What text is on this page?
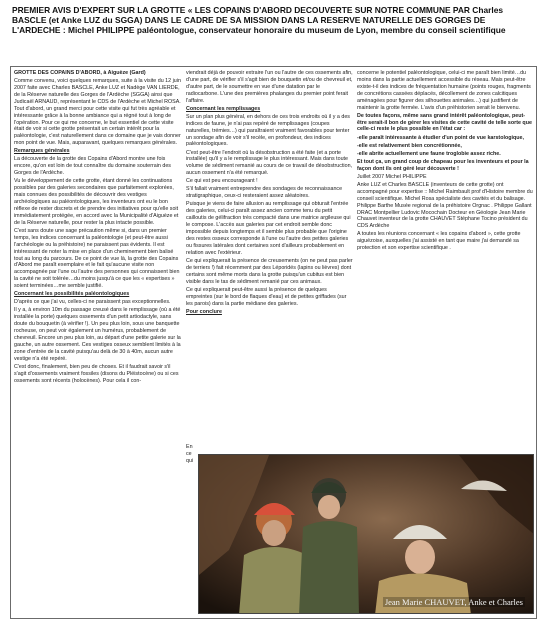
PREMIER AVIS D'EXPERT SUR LA GROTTE « LES COPAINS D'ABORD DECOUVERTE SUR NOTRE COMMUNE PAR Charles BASCLE (et Anke LUZ du SGGA) DANS LE CADRE DE SA MISSION DANS LA RESERVE NATURELLE DES GORGES DE L'ARDECHE : Michel PHILIPPE paléontologue, conservateur honoraire du museum de Lyon, membre du conseil scientifique

GROTTE DES COPAINS D'ABORD, à Aiguèze (Gard)

Comme convenu, voici quelques remarques, suite à la visite du 12 juin 2007 faite avec Charles BASCLE, Anke LUZ et Nadège VAN LIERDE, de la Réserve naturelle des Gorges de l'Ardèche (SGGA) ainsi que Judicaël ARNAUD, représentant le CDS de l'Ardèche et Michel ROSA. Tout d'abord, un grand merci pour cette visite qui fut très agréable et intéressante grâce à la bonne ambiance qui a régné tout à long de l'opération. Pour ce qui me concerne, le but essentiel de cette visite était de voir si cette grotte présentait un certain intérêt pour la paléontologie, c'est naturellement dans ce domaine que je vais donner mon point de vue. Mais, auparavant, quelques remarques générales.

Remarques générales

La découverte de la grotte des Copains d'Abord montre une fois encore, qu'on est loin de tout connaître du domaine souterrain des Gorges de l'Ardèche.

Vu le développement de cette grotte, étant donné les continuations possibles par des galeries secondaires que parfaitement explorées, mais connues des possibilités de découvrir des vestiges archéologiques au paléontologiques, les inventeurs ont eu le bon réflexe de rester discrets et de prendre des initiatives pour qu'elle soit immédiatement protégée, en accord avec la Municipalité d'Aiguèze et de la Réserve naturelle, pour rester la plus intacte possible.

C'est sans doute une sage précaution même si, dans un premier temps, les indices concernant la paléontologie (et peut-être aussi l'archéologie ou la préhistoire) ne paraissent pas évidents. Il est intéressant de noter la mise en place d'un cheminement bien balisé tout au long du parcours. De ce point de vue là, la grotte des Copains d'Abord me paraît exemplaire et le fait qu'aucune visite non accompagnée par l'une ou l'autre des personnes qui connaissent bien la cavité ne soit tolérée…du moins jusqu'à ce que les « expertises » soient terminées…me semble justifié.

Concernant les possibilités paléontologiques

D'après ce que j'ai vu, celles-ci ne paraissent pas exceptionnelles.

Il y a, à environ 10m du passage creusé dans le remplissage (où a été installée la porte) quelques ossements d'un petit artiodactyle, sans doute du bouquetin (à vérifier !). Un peu plus loin, sous une banquette rocheuse, on peut voir également un humérus, probablement de chevreuil. Encore un peu plus loin, au départ d'une petite galerie sur la gauche, un autre ossement. Ces vestiges osseux semblent limités à la zone d'entrée de la cavité puisqu'au delà de 30 à 40m, aucun autre vestige n'a été repéré.

C'est donc, finalement, bien peu de choses. Et il faudrait savoir s'il s'agit d'ossements vraiment fossiles (disons du Pléistocène) ou si ces ossements sont récents (holocènes). Pour cela il con-

viendrait déjà de pouvoir extraire l'un ou l'autre de ces ossements afin, d'une part, de vérifier s'il s'agit bien de bouquetin et/ou de chevreuil et, d'autre part, de le soumettre en vue d'une datation par le radiocarbone. L'une des premières phalanges du premier point ferait l'affaire.

Concernant les remplissages

Sur un plan plus général, en dehors de ces trois endroits où il y a des indices de faune, je n'ai pas repéré de remplissages (coupes naturelles, trémies…) qui paraîtraient vraiment favorables pour tenter un sondage afin de voir s'il recèle, en profondeur, des indices paléontologiques.

C'est peut-être l'endroit où la désobstruction a été faite (et a porte installée) qu'il y a le remplissage le plus intéressant. Mais dans toute volume de sédiment remanié au cours de ce travail de désobstruction, aucun ossement n'a été remarqué.

Ce qui est peu encourageant !

S'il fallait vraiment entreprendre des sondages de reconnaissance stratigraphique, ceux-ci resteraient assez aléatoires.

Puisque je viens de faire allusion au remplissage qui obturait l'entrée des galeries, celui-ci paraît assez ancien comme tenu du petit cailloutis de gélifraction très compacté dans une matrice argileuse qui le compose. L'accès aux galeries par cet endroit semble donc impossible depuis longtemps et il semble plus probable que l'origine des restes osseux corresponde à l'une ou l'autre des petites galeries ou fissures latérales dont certaines sont d'ailleurs probablement en relation avec l'extérieur.

Ce qui expliquerait la présence de creusements (on ne peut pas parler de terriers !) fait récemment par des Léporidés (lapins ou lièvres) dont certains sont même morts dans la grotte puisqu'un cubitus est bien visible dans le tas de sédiment remanié par ces animaux.

Ce qui expliquerait peut-être aussi la présence de quelques empreintes (sur le bord de flaques d'eau) et de petites griffades (sur les parois) dans la partie médiane des galeries.

Pour conclure

En ce qui

concerne le potentiel paléontologique, celui-ci me paraît bien limité…du moins dans la partie actuellement accessible du réseau. Mais peut-être existe-t-il des indices de fréquentation humaine (points rouges, fragments de concrétions cassées déplacés, décollement de zones calcitiques aménagées pour figurer des silhouettes animales…) qui justifient de maintenir la grotte fermée. L'avis d'un préhistorien serait le bienvenu.

De toutes façons, même sans grand intérêt paléontologique, peut-être serait-il bon de gérer les visites de cette cavité de telle sorte que celle-ci reste le plus possible en l'état car :

-elle paraît intéressante à étudier d'un point de vue karstologique,

-elle est relativement bien concrétionnée,

-elle abrite actuellement une faune troglobie assez riche.

Et tout ça, un grand coup de chapeau pour les inventeurs et pour la façon dont ils ont géré leur découverte !

Juillet 2007 Michel PHILIPPE

Anke LUZ et Charles BASCLE (inventeurs de cette grotte) ont accompagné pour expertise :: Michel Raimbault prof d'Histoire membre du conseil scientifique. Michel Rosa spécialiste des cavités et du balisage. Philippe Barthe Musée regional de la préhistoire Orgnac . Philippe Gallant DRAC Montpellier Ludovic Mocochain Docteur en Géologie Jean Marie Chauvet inventeur de la grotte CHAUVET Stéphane Tocino président du CDS Ardèche

A toutes les réunions concernant « les copains d'abord », cette grotte aiguézoise, auxquelles j'ai assisté en tant que maire j'ai demandé sa protection et son expertise scientifique .

Jean Marie CHAUVET, Anke et Charles
